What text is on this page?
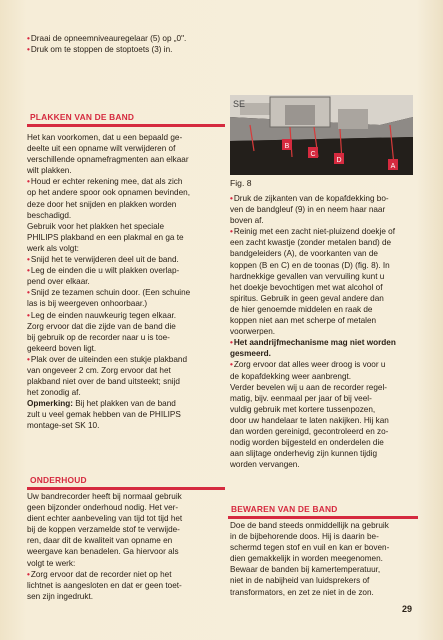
•Draai de opneemniveauregelaar (5) op „0".
•Druk om te stoppen de stoptoets (3) in.
PLAKKEN VAN DE BAND
Het kan voorkomen, dat u een bepaald ge-
deelte uit een opname wilt verwijderen of
verschillende opnamefragmenten aan elkaar
wilt plakken.
•Houd er echter rekening mee, dat als zich
op het andere spoor ook opnamen bevinden,
deze door het snijden en plakken worden
beschadigd.
Gebruik voor het plakken het speciale
PHILIPS plakband en een plakmal en ga te
werk als volgt:
•Snijd het te verwijderen deel uit de band.
•Leg de einden die u wilt plakken overlap-
pend over elkaar.
•Snijd ze tezamen schuin door. (Een schuine
las is bij weergeven onhoorbaar.)
•Leg de einden nauwkeurig tegen elkaar.
Zorg ervoor dat die zijde van de band die
bij gebruik op de recorder naar u is toe-
gekeerd boven ligt.
•Plak over de uiteinden een stukje plakband
van ongeveer 2 cm. Zorg ervoor dat het
plakband niet over de band uitsteekt; snijd
het zonodig af.
Opmerking: Bij het plakken van de band
zult u veel gemak hebben van de PHILIPS
montage-set SK 10.
ONDERHOUD
Uw bandrecorder heeft bij normaal gebruik
geen bijzonder onderhoud nodig. Het ver-
dient echter aanbeveling van tijd tot tijd het
bij de koppen verzamelde stof te verwijde-
ren, daar dit de kwaliteit van opname en
weergave kan benadelen. Ga hiervoor als
volgt te werk:
•Zorg ervoor dat de recorder niet op het
lichtnet is aangesloten en dat er geen toet-
sen zijn ingedrukt.
B
C
D
A
SE
Fig. 8
•Druk de zijkanten van de kopafdekking bo-
ven de bandgleuf (9) in en neem haar naar
boven af.
•Reinig met een zacht niet-pluizend doekje of
een zacht kwastje (zonder metalen band) de
bandgeleiders (A), de voorkanten van de
koppen (B en C) en de toonas (D) (fig. 8). In
hardnekkige gevallen van vervuiling kunt u
het doekje bevochtigen met wat alcohol of
spiritus. Gebruik in geen geval andere dan
de hier genoemde middelen en raak de
koppen niet aan met scherpe of metalen
voorwerpen.
•Het aandrijfmechanisme mag niet worden
gesmeerd.
•Zorg ervoor dat alles weer droog is voor u
de kopafdekking weer aanbrengt.
Verder bevelen wij u aan de recorder regel-
matig, bijv. eenmaal per jaar of bij veel-
vuldig gebruik met kortere tussenpozen,
door uw handelaar te laten nakijken. Hij kan
dan worden gereinigd, gecontroleerd en zo-
nodig worden bijgesteld en onderdelen die
aan slijtage onderhevig zijn kunnen tijdig
worden vervangen.
BEWAREN VAN DE BAND
Doe de band steeds onmiddellijk na gebruik
in de bijbehorende doos. Hij is daarin be-
schermd tegen stof en vuil en kan er boven-
dien gemakkelijk in worden meegenomen.
Bewaar de banden bij kamertemperatuur,
niet in de nabijheid van luidsprekers of
transformators, en zet ze niet in de zon.
29
